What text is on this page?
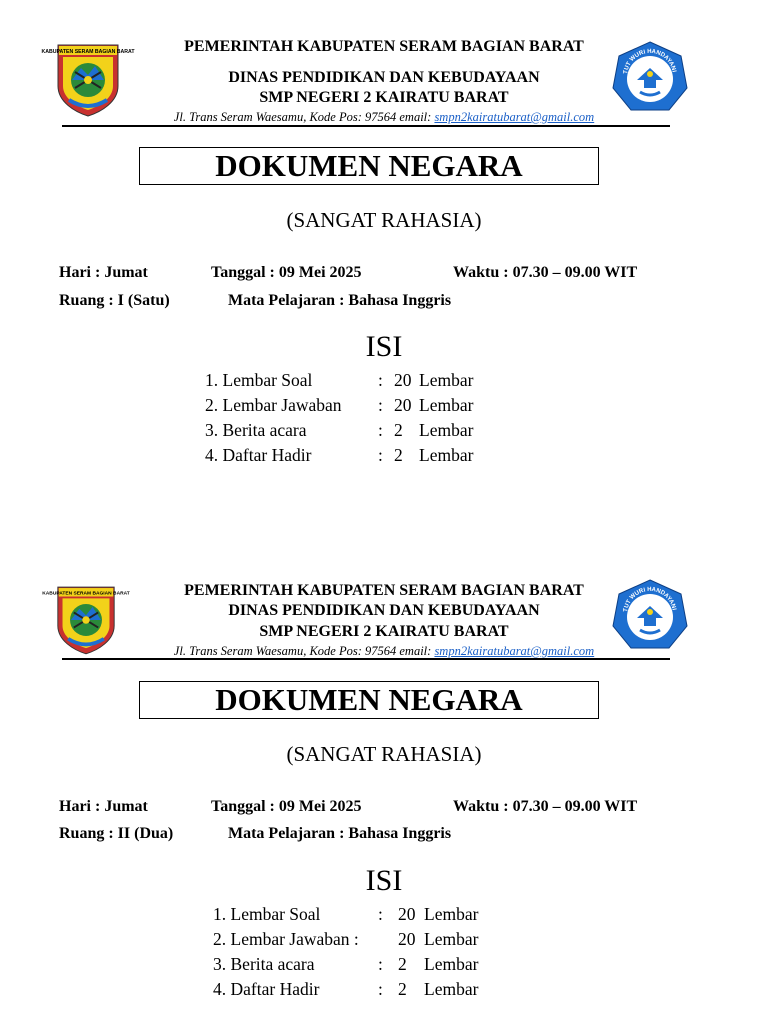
KABUPATEN SERAM BAGIAN BARAT
TUT WURI HANDAYANI
PEMERINTAH KABUPATEN SERAM BAGIAN BARAT
DINAS PENDIDIKAN DAN KEBUDAYAAN
SMP NEGERI 2 KAIRATU BARAT
Jl. Trans Seram Waesamu, Kode Pos: 97564 email: smpn2kairatubarat@gmail.com
DOKUMEN NEGARA
(SANGAT RAHASIA)
Hari : Jumat	Tanggal : 09 Mei 2025	Waktu : 07.30 – 09.00 WIT
Ruang : I (Satu)	Mata Pelajaran : Bahasa Inggris
ISI
1. Lembar Soal	: 20 Lembar
2. Lembar Jawaban : 20 Lembar
3. Berita acara	: 2 Lembar
4. Daftar Hadir	: 2 Lembar
KABUPATEN SERAM BAGIAN BARAT
TUT WURI HANDAYANI
PEMERINTAH KABUPATEN SERAM BAGIAN BARAT
DINAS PENDIDIKAN DAN KEBUDAYAAN
SMP NEGERI 2 KAIRATU BARAT
Jl. Trans Seram Waesamu, Kode Pos: 97564 email: smpn2kairatubarat@gmail.com
DOKUMEN NEGARA
(SANGAT RAHASIA)
Hari : Jumat	Tanggal : 09 Mei 2025	Waktu : 07.30 – 09.00 WIT
Ruang : II (Dua)	Mata Pelajaran : Bahasa Inggris
ISI
1. Lembar Soal	: 20 Lembar
2. Lembar Jawaban : 20 Lembar
3. Berita acara	: 2 Lembar
4. Daftar Hadir	: 2 Lembar
